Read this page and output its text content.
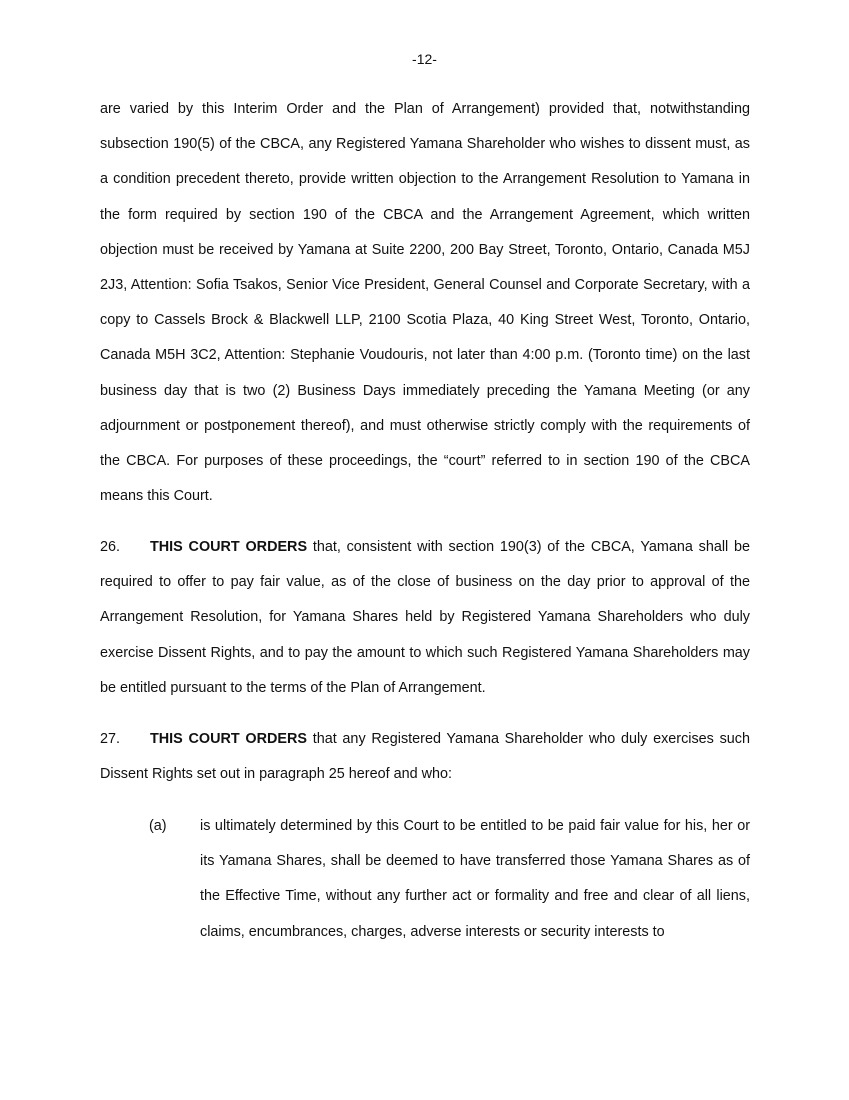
-12-

are varied by this Interim Order and the Plan of Arrangement) provided that, notwithstanding subsection 190(5) of the CBCA, any Registered Yamana Shareholder who wishes to dissent must, as a condition precedent thereto, provide written objection to the Arrangement Resolution to Yamana in the form required by section 190 of the CBCA and the Arrangement Agreement, which written objection must be received by Yamana at Suite 2200, 200 Bay Street, Toronto, Ontario, Canada M5J 2J3, Attention: Sofia Tsakos, Senior Vice President, General Counsel and Corporate Secretary, with a copy to Cassels Brock & Blackwell LLP, 2100 Scotia Plaza, 40 King Street West, Toronto, Ontario, Canada M5H 3C2, Attention: Stephanie Voudouris, not later than 4:00 p.m. (Toronto time) on the last business day that is two (2) Business Days immediately preceding the Yamana Meeting (or any adjournment or postponement thereof), and must otherwise strictly comply with the requirements of the CBCA. For purposes of these proceedings, the “court” referred to in section 190 of the CBCA means this Court.

26. THIS COURT ORDERS that, consistent with section 190(3) of the CBCA, Yamana shall be required to offer to pay fair value, as of the close of business on the day prior to approval of the Arrangement Resolution, for Yamana Shares held by Registered Yamana Shareholders who duly exercise Dissent Rights, and to pay the amount to which such Registered Yamana Shareholders may be entitled pursuant to the terms of the Plan of Arrangement.

27. THIS COURT ORDERS that any Registered Yamana Shareholder who duly exercises such Dissent Rights set out in paragraph 25 hereof and who:

(a) is ultimately determined by this Court to be entitled to be paid fair value for his, her or its Yamana Shares, shall be deemed to have transferred those Yamana Shares as of the Effective Time, without any further act or formality and free and clear of all liens, claims, encumbrances, charges, adverse interests or security interests to
